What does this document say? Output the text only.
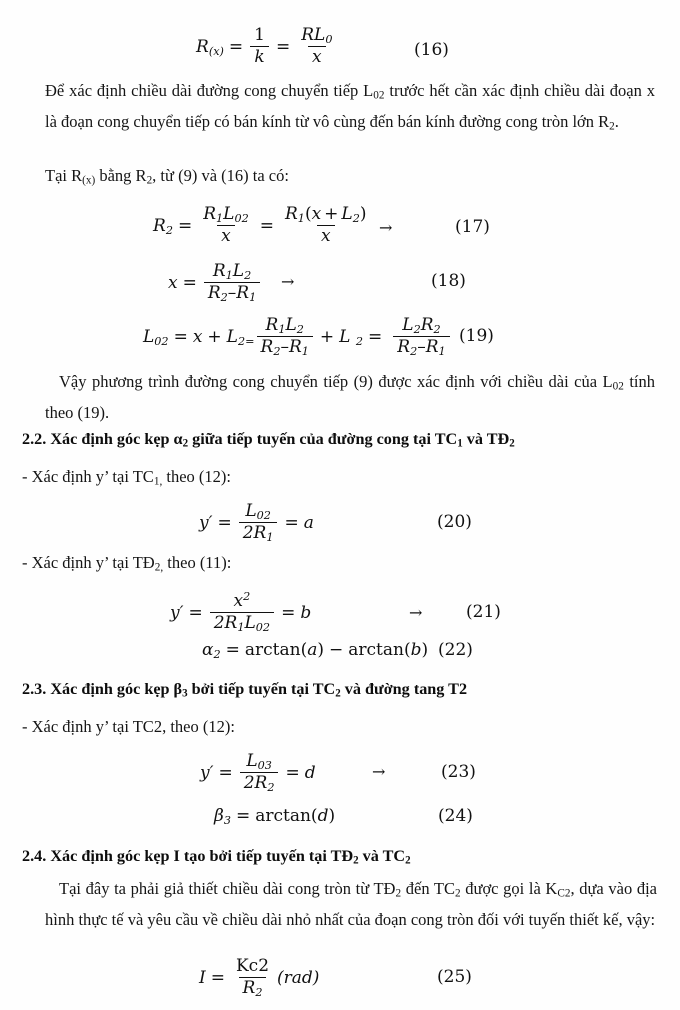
$R_{(x)} = \frac{1}{k} = \frac{RL_0}{x}$	(16)
Để xác định chiều dài đường cong chuyển tiếp L02 trước hết cần xác định chiều dài đoạn x là đoạn cong chuyển tiếp có bán kính từ vô cùng đến bán kính đường cong tròn lớn R2.
Tại R(x) bằng R2, từ (9) và (16) ta có:
$R_2 = \frac{R_1L_{02}}{x} = \frac{R_1(x + L_2)}{x}$ →	(17)
$x = \frac{R_1L_2}{R_2-R_1}$ →	(18)
$L_{02} = x + L_{2=} \frac{R_1L_2}{R_2-R_1} + L$ $_2 = \frac{L_2R_2}{R_2-R_1} (19)$
Vậy phương trình đường cong chuyển tiếp (9) được xác định với chiều dài của L02 tính theo (19).
2.2. Xác định góc kẹp α2 giữa tiếp tuyến của đường cong tại TC1 và TĐ2
- Xác định y’ tại TC1, theo (12):
$y' = \frac{L_{02}}{2R_1} = a$	(20)
- Xác định y’ tại TĐ2, theo (11):
$y' = \frac{x^2}{2R_1L_{02}} = b$	→	(21)
$\alpha_2 = \arctan$( a ) − arctan( b ) (22)
2.3. Xác định góc kẹp β3 bởi tiếp tuyến tại TC2 và đường tang T2
- Xác định y’ tại TC2, theo (12):
$y' = \frac{L_{03}}{2R_2} = d$	→	(23)
$\beta_3 = \arctan$( d )	(24)
2.4. Xác định góc kẹp I tạo bởi tiếp tuyến tại TĐ2 và TC2
Tại đây ta phải giả thiết chiều dài cong tròn từ TĐ2 đến TC2 được gọi là KC2, dựa vào địa hình thực tế và yêu cầu về chiều dài nhỏ nhất của đoạn cong tròn đối với tuyến thiết kế, vậy:
$I = \frac{Kc2}{R_2} (rad)$	(25)
